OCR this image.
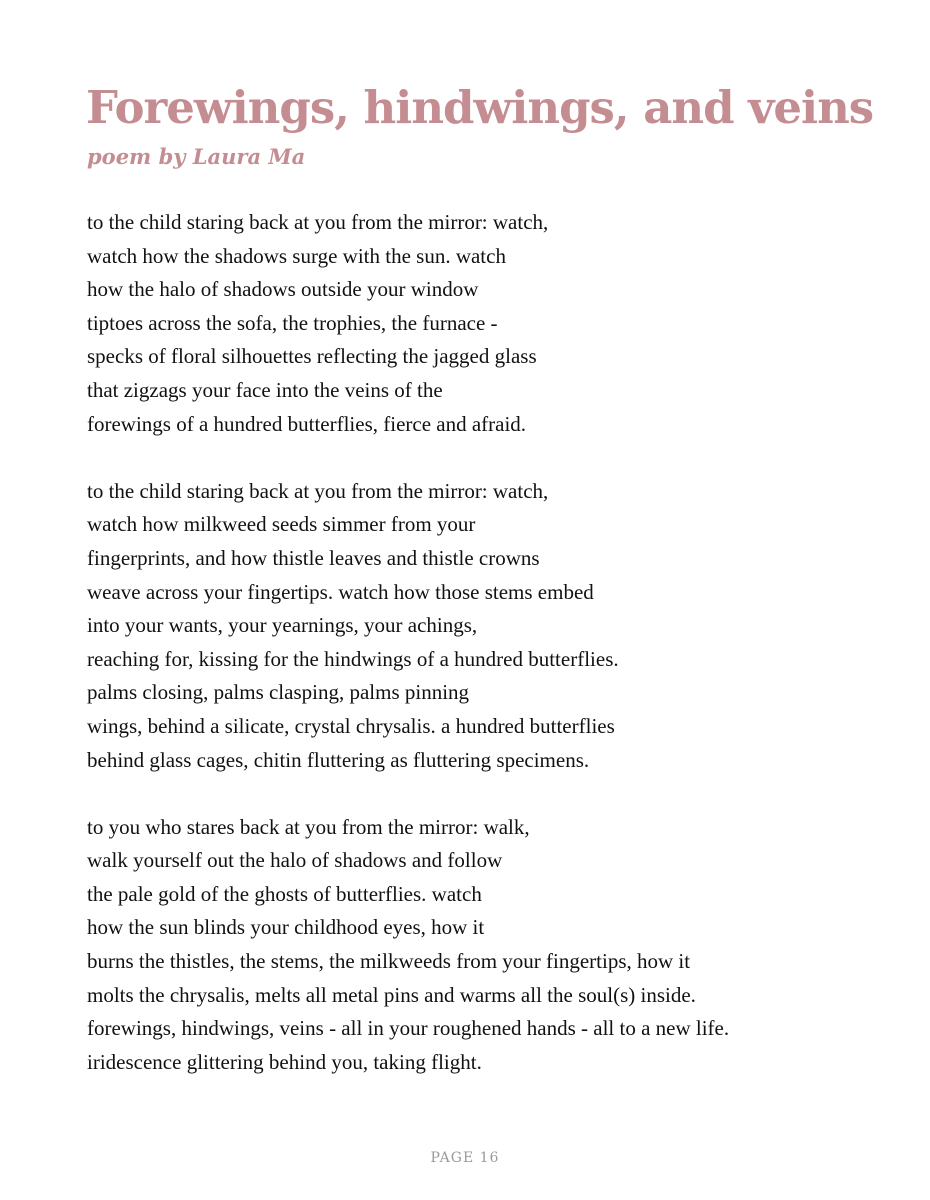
Forewings, hindwings, and veins

poem by Laura Ma

to the child staring back at you from the mirror: watch,
watch how the shadows surge with the sun. watch
how the halo of shadows outside your window
tiptoes across the sofa, the trophies, the furnace -
specks of floral silhouettes reflecting the jagged glass
that zigzags your face into the veins of the
forewings of a hundred butterflies, fierce and afraid.
to the child staring back at you from the mirror: watch,
watch how milkweed seeds simmer from your
fingerprints, and how thistle leaves and thistle crowns
weave across your fingertips. watch how those stems embed
into your wants, your yearnings, your achings,
reaching for, kissing for the hindwings of a hundred butterflies.
palms closing, palms clasping, palms pinning
wings, behind a silicate, crystal chrysalis. a hundred butterflies
behind glass cages, chitin fluttering as fluttering specimens.
to you who stares back at you from the mirror: walk,
walk yourself out the halo of shadows and follow
the pale gold of the ghosts of butterflies. watch
how the sun blinds your childhood eyes, how it
burns the thistles, the stems, the milkweeds from your fingertips, how it
molts the chrysalis, melts all metal pins and warms all the soul(s) inside.
forewings, hindwings, veins - all in your roughened hands - all to a new life.
iridescence glittering behind you, taking flight.
PAGE 16
